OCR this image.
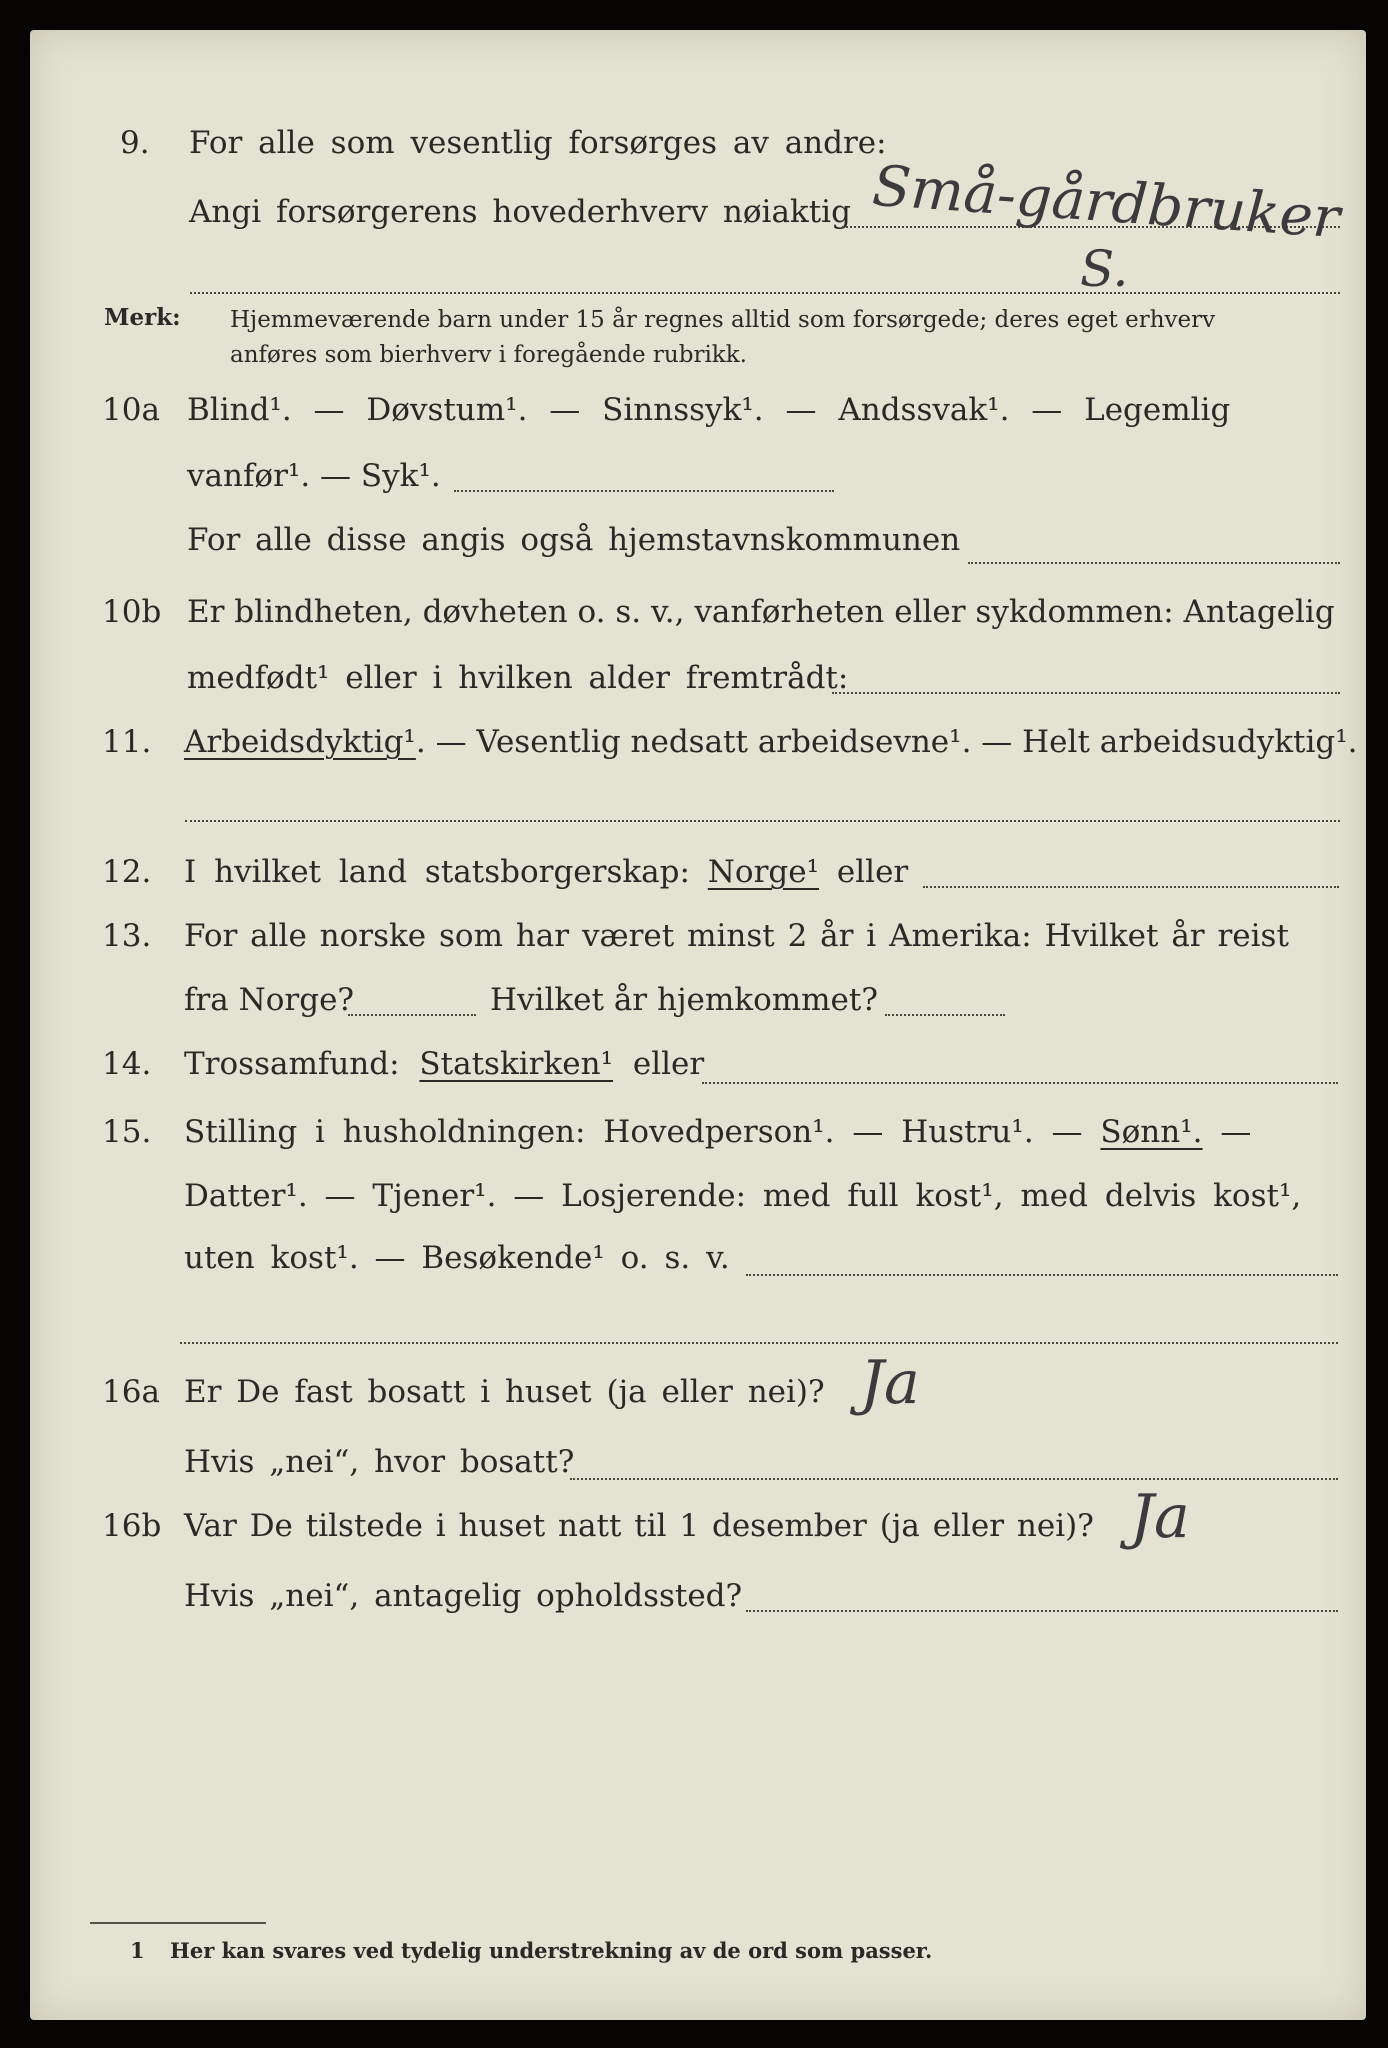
9. For alle som vesentlig forsørges av andre:
Angi forsørgerens hovederhverv nøiaktig Små-gårdbruker
S.
Merk: Hjemmeværende barn under 15 år regnes alltid som forsørgede; deres eget erhverv
anføres som bierhverv i foregående rubrikk.
10a Blind¹. — Døvstum¹. — Sinnssyk¹. — Andssvak¹. — Legemlig
vanfør¹. — Syk¹.
For alle disse angis også hjemstavnskommunen
10b Er blindheten, døvheten o. s. v., vanførheten eller sykdommen: Antagelig
medfødt¹ eller i hvilken alder fremtrådt:
11. Arbeidsdyktig¹. — Vesentlig nedsatt arbeidsevne¹. — Helt arbeidsudyktig¹.
12. I hvilket land statsborgerskap: Norge¹ eller
13. For alle norske som har været minst 2 år i Amerika: Hvilket år reist
fra Norge?	Hvilket år hjemkommet?
14. Trossamfund: Statskirken¹ eller
15. Stilling i husholdningen: Hovedperson¹. — Hustru¹. — Sønn¹. —
Datter¹. — Tjener¹. — Losjerende: med full kost¹, med delvis kost¹,
uten kost¹. — Besøkende¹ o. s. v.
16a Er De fast bosatt i huset (ja eller nei)? Ja
Hvis „nei“, hvor bosatt?
16b Var De tilstede i huset natt til 1 desember (ja eller nei)? Ja
Hvis „nei“, antagelig opholdssted?
1 Her kan svares ved tydelig understrekning av de ord som passer.
